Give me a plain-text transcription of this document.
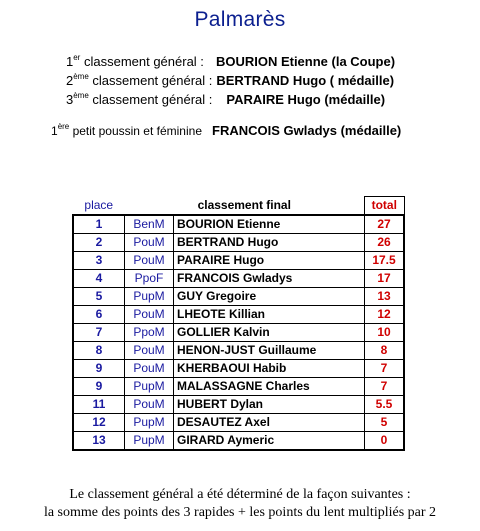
Palmarès
1er classement général : BOURION Etienne (la Coupe)
2ème classement général : BERTRAND Hugo ( médaille)
3ème classement général : PARAIRE Hugo (médaille)
1ère petit poussin et féminine FRANCOIS Gwladys (médaille)
place	classement final		total
1	BenM	BOURION Etienne	27
2	PouM	BERTRAND Hugo	26
3	PouM	PARAIRE Hugo	17.5
4	PpoF	FRANCOIS Gwladys	17
5	PupM	GUY Gregoire	13
6	PouM	LHEOTE Killian	12
7	PpoM	GOLLIER Kalvin	10
8	PouM	HENON-JUST Guillaume	8
9	PouM	KHERBAOUI Habib	7
9	PupM	MALASSAGNE Charles	7
11	PouM	HUBERT Dylan	5.5
12	PupM	DESAUTEZ Axel	5
13	PupM	GIRARD Aymeric	0
Le classement général a été déterminé de la façon suivantes :
la somme des points des 3 rapides + les points du lent multipliés par 2
